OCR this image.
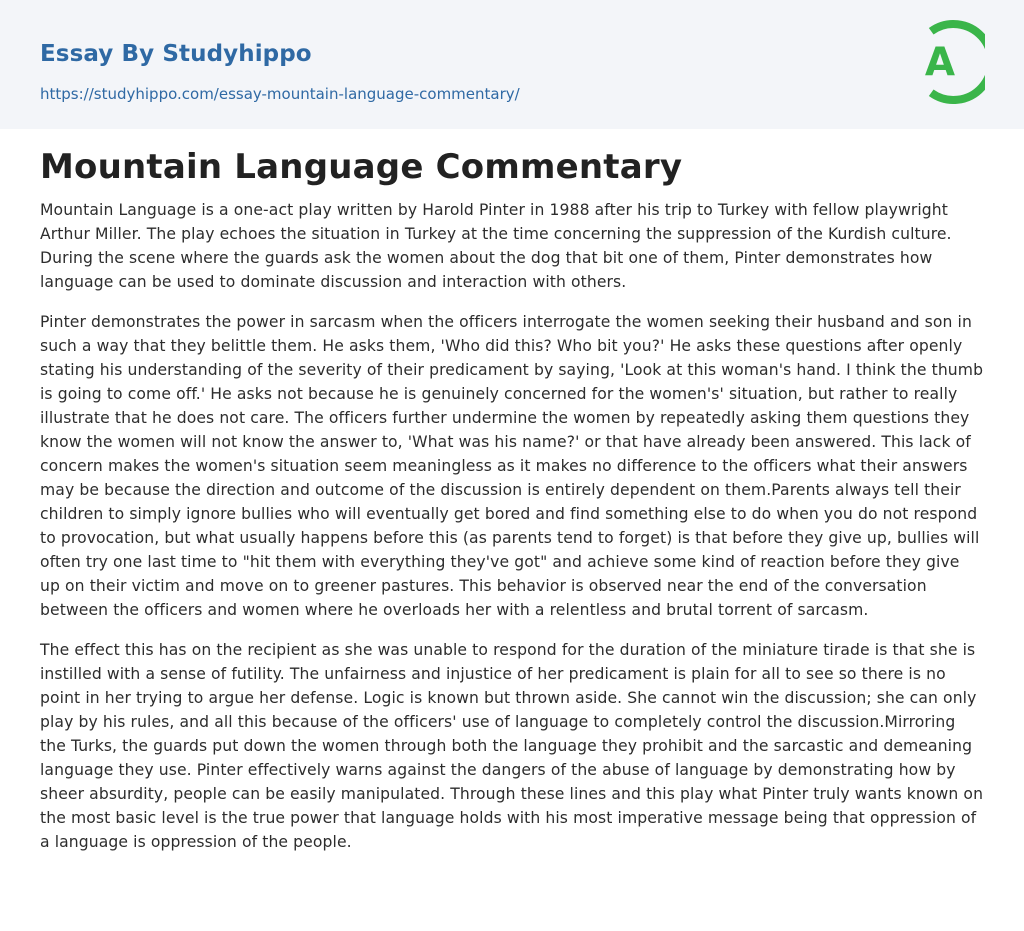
Essay By Studyhippo
https://studyhippo.com/essay-mountain-language-commentary/
A
Mountain Language Commentary

Mountain Language is a one-act play written by Harold Pinter in 1988 after his trip to Turkey with fellow playwright Arthur Miller. The play echoes the situation in Turkey at the time concerning the suppression of the Kurdish culture. During the scene where the guards ask the women about the dog that bit one of them, Pinter demonstrates how language can be used to dominate discussion and interaction with others.

Pinter demonstrates the power in sarcasm when the officers interrogate the women seeking their husband and son in such a way that they belittle them. He asks them, 'Who did this? Who bit you?' He asks these questions after openly stating his understanding of the severity of their predicament by saying, 'Look at this woman's hand. I think the thumb is going to come off.' He asks not because he is genuinely concerned for the women's' situation, but rather to really illustrate that he does not care. The officers further undermine the women by repeatedly asking them questions they know the women will not know the answer to, 'What was his name?' or that have already been answered. This lack of concern makes the women's situation seem meaningless as it makes no difference to the officers what their answers may be because the direction and outcome of the discussion is entirely dependent on them.Parents always tell their children to simply ignore bullies who will eventually get bored and find something else to do when you do not respond to provocation, but what usually happens before this (as parents tend to forget) is that before they give up, bullies will often try one last time to "hit them with everything they've got" and achieve some kind of reaction before they give up on their victim and move on to greener pastures. This behavior is observed near the end of the conversation between the officers and women where he overloads her with a relentless and brutal torrent of sarcasm.

The effect this has on the recipient as she was unable to respond for the duration of the miniature tirade is that she is instilled with a sense of futility. The unfairness and injustice of her predicament is plain for all to see so there is no point in her trying to argue her defense. Logic is known but thrown aside. She cannot win the discussion; she can only play by his rules, and all this because of the officers' use of language to completely control the discussion.Mirroring the Turks, the guards put down the women through both the language they prohibit and the sarcastic and demeaning language they use. Pinter effectively warns against the dangers of the abuse of language by demonstrating how by sheer absurdity, people can be easily manipulated. Through these lines and this play what Pinter truly wants known on the most basic level is the true power that language holds with his most imperative message being that oppression of a language is oppression of the people.
